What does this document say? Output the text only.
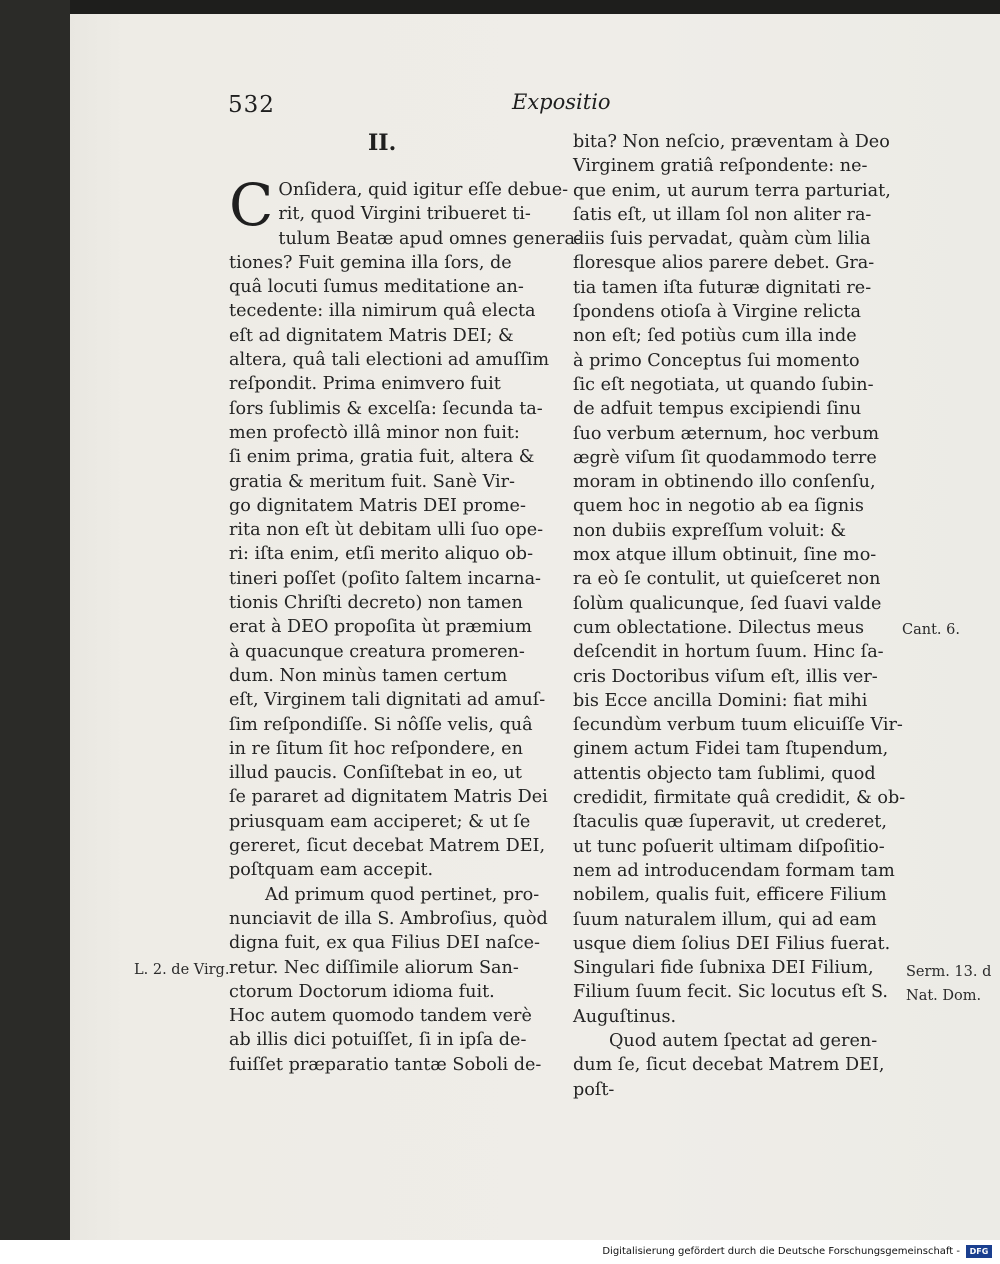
532	Expositio
II.
C Onſidera, quid igitur eſſe debue-
rit, quod Virgini tribueret ti-
tulum Beatæ apud omnes genera-
tiones? Fuit gemina illa ſors, de
quâ locuti ſumus meditatione an-
tecedente: illa nimirum quâ electa
eſt ad dignitatem Matris DEI; &
altera, quâ tali electioni ad amuſſim
reſpondit. Prima enimvero fuit
ſors ſublimis & excelſa: ſecunda ta-
men profectò illâ minor non fuit:
ſi enim prima, gratia fuit, altera &
gratia & meritum fuit. Sanè Vir-
go dignitatem Matris DEI prome-
rita non eſt ùt debitam ulli ſuo ope-
ri: iſta enim, etſi merito aliquo ob-
tineri poſſet (poſito ſaltem incarna-
tionis Chriſti decreto) non tamen
erat à DEO propoſita ùt præmium
à quacunque creatura promeren-
dum. Non minùs tamen certum
eſt, Virginem tali dignitati ad amuſ-
ſim reſpondiſſe. Si nôſſe velis, quâ
in re ſitum ſit hoc reſpondere, en
illud paucis. Conſiſtebat in eo, ut
ſe pararet ad dignitatem Matris Dei
priusquam eam acciperet; & ut ſe
gereret, ſicut decebat Matrem DEI,
poſtquam eam accepit.
Ad primum quod pertinet, pro-
nunciavit de illa S. Ambroſius, quòd
digna fuit, ex qua Filius DEI naſce-
retur. Nec diſſimile aliorum San-
ctorum Doctorum idioma fuit.
Hoc autem quomodo tandem verè
ab illis dici potuiſſet, ſi in ipſa de-
fuiſſet præparatio tantæ Soboli de-
bita? Non neſcio, præventam à Deo
Virginem gratiâ reſpondente: ne-
que enim, ut aurum terra parturiat,
ſatis eſt, ut illam ſol non aliter ra-
diis ſuis pervadat, quàm cùm lilia
floresque alios parere debet. Gra-
tia tamen iſta futuræ dignitati re-
ſpondens otioſa à Virgine relicta
non eſt; ſed potiùs cum illa inde
à primo Conceptus ſui momento
ſic eſt negotiata, ut quando ſubin-
de adfuit tempus excipiendi ſinu
ſuo verbum æternum, hoc verbum
ægrè viſum ſit quodammodo terre
moram in obtinendo illo conſenſu,
quem hoc in negotio ab ea ſignis
non dubiis expreſſum voluit: &
mox atque illum obtinuit, ſine mo-
ra eò ſe contulit, ut quieſceret non
ſolùm qualicunque, ſed ſuavi valde
cum oblectatione. Dilectus meus
deſcendit in hortum ſuum. Hinc ſa-
cris Doctoribus viſum eſt, illis ver-
bis Ecce ancilla Domini: fiat mihi
ſecundùm verbum tuum elicuiſſe Vir-
ginem actum Fidei tam ſtupendum,
attentis objecto tam ſublimi, quod
credidit, firmitate quâ credidit, & ob-
ſtaculis quæ ſuperavit, ut crederet,
ut tunc poſuerit ultimam diſpoſitio-
nem ad introducendam formam tam
nobilem, qualis fuit, efficere Filium
ſuum naturalem illum, qui ad eam
usque diem ſolius DEI Filius fuerat.
Singulari fide ſubnixa DEI Filium,
Filium ſuum fecit. Sic locutus eſt S.
Auguſtinus.
Quod autem ſpectat ad geren-
dum ſe, ſicut decebat Matrem DEI,
poſt-
L. 2. de Virg.
Cant. 6.
Serm. 13. d
Nat. Dom.
Digitalisierung gefördert durch die Deutsche Forschungsgemeinschaft -	DFG
